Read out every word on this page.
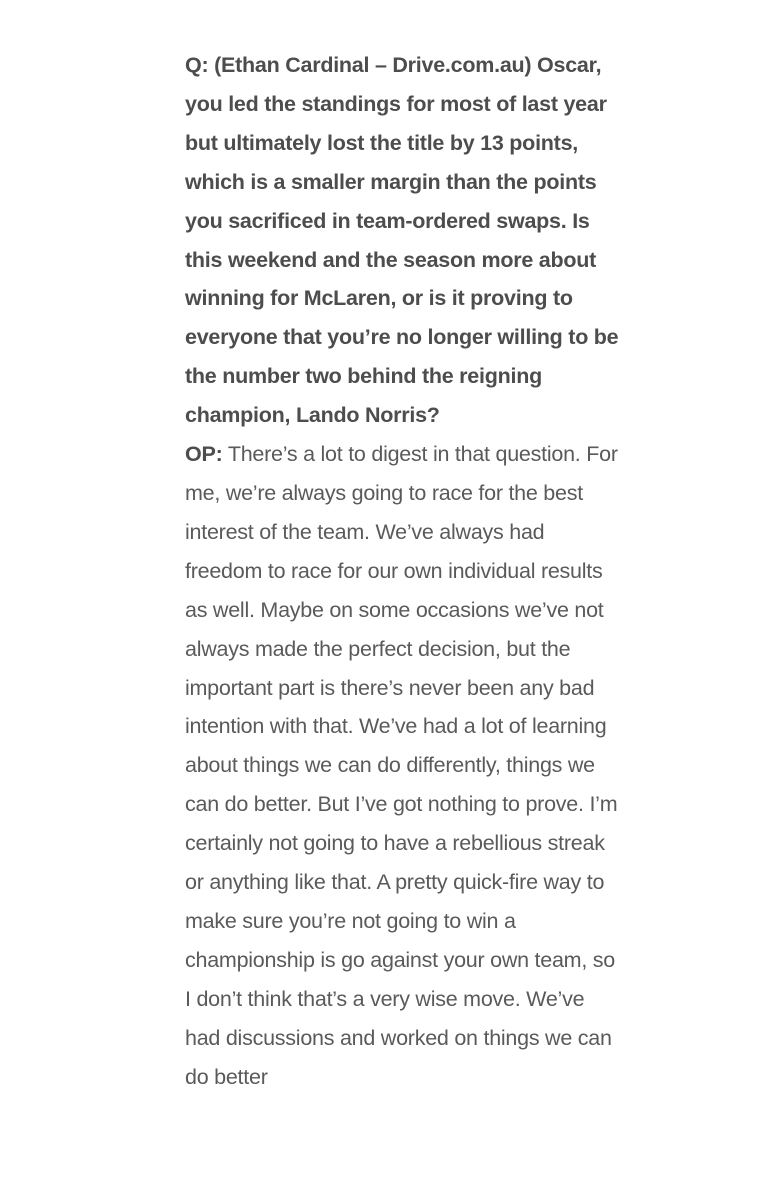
Q: (Ethan Cardinal – Drive.com.au) Oscar, you led the standings for most of last year but ultimately lost the title by 13 points, which is a smaller margin than the points you sacrificed in team-ordered swaps. Is this weekend and the season more about winning for McLaren, or is it proving to everyone that you’re no longer willing to be the number two behind the reigning champion, Lando Norris?

OP: There’s a lot to digest in that question. For me, we’re always going to race for the best interest of the team. We’ve always had freedom to race for our own individual results as well. Maybe on some occasions we’ve not always made the perfect decision, but the important part is there’s never been any bad intention with that. We’ve had a lot of learning about things we can do differently, things we can do better. But I’ve got nothing to prove. I’m certainly not going to have a rebellious streak or anything like that. A pretty quick-fire way to make sure you’re not going to win a championship is go against your own team, so I don’t think that’s a very wise move. We’ve had discussions and worked on things we can do better
